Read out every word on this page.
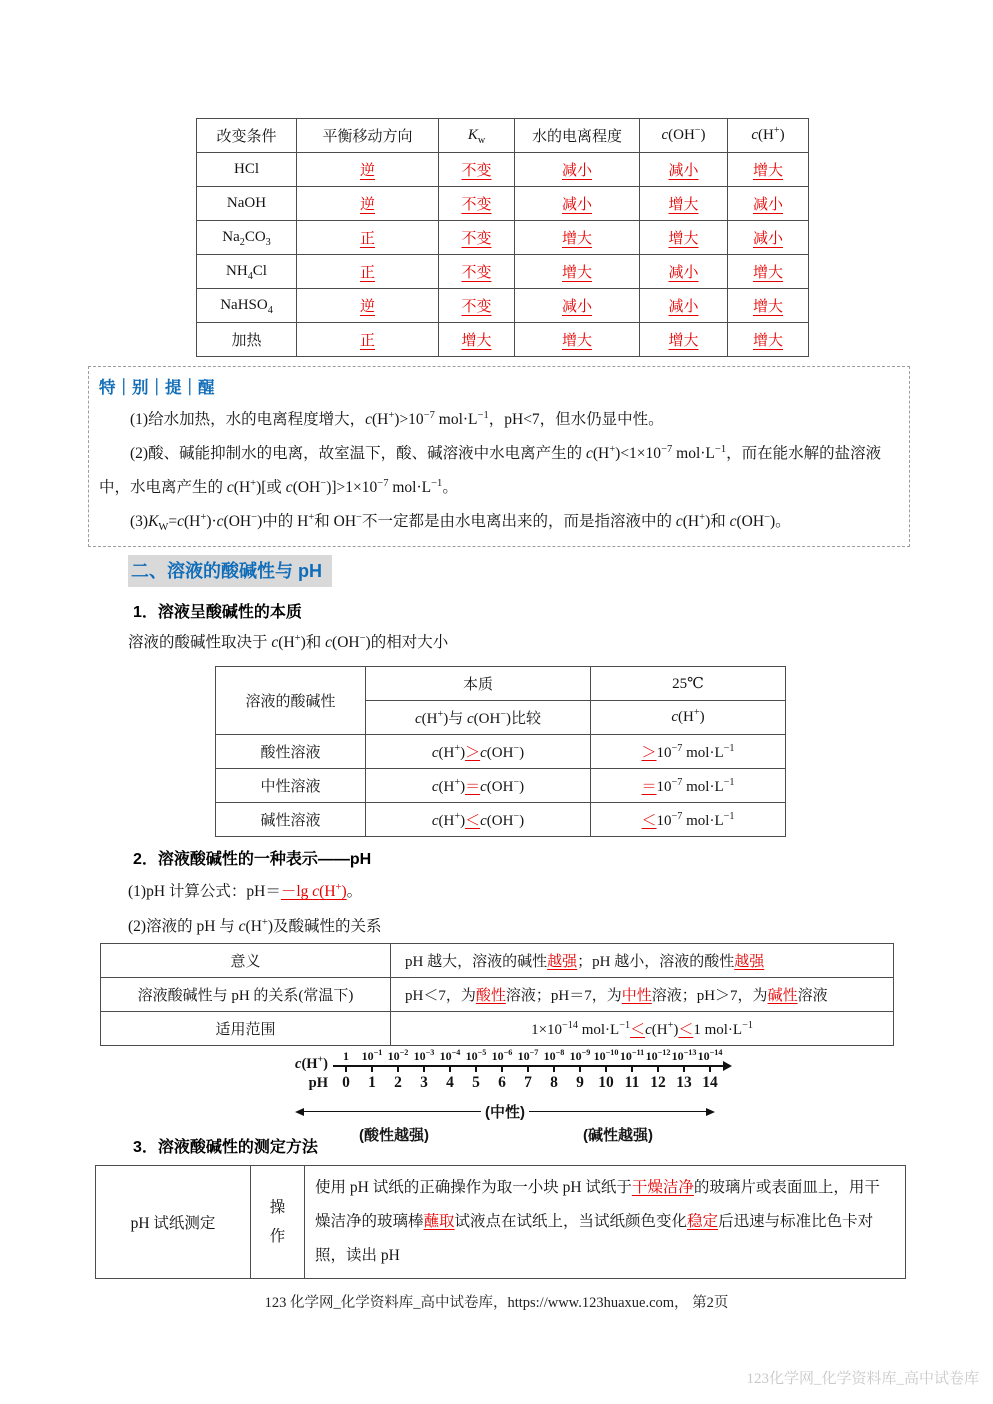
改变条件	平衡移动方向	$K_w$	水的电离程度	c(OH−)	c(H+)
HCl	逆	不变	减小	减小	增大
NaOH	逆	不变	减小	增大	减小
$Na_2CO_3$	正	不变	增大	增大	减小
$NH_4Cl$	正	不变	增大	减小	增大
NaHSO$_4$	逆	不变	减小	减小	增大
加热	正	增大	增大	增大	增大
特｜别｜提｜醒

(1)给水加热，水的电离程度增大，$c(H^+)>10^{-7}$ $mol\cdot L^{-1}$，pH<7，但水仍显中性。

(2)酸、碱能抑制水的电离，故室温下，酸、碱溶液中水电离产生的 $c(H^+)<1\times 10^{-7}$ $mol\cdot L^{-1}$，而在能水解的盐溶液中，水电离产生的 c(H+)[或 $c(OH^-)]>1\times 10^{-7}$ $mol\cdot L^{-1}$。

$(3)K_W=c(H^+)\cdot c(OH^-)$中的 H+和 OH−不一定都是由水电离出来的，而是指溶液中的 c(H+)和 c(OH−)。

二、溶液的酸碱性与 pH
1．溶液呈酸碱性的本质
溶液的酸碱性取决于 c(H+)和 c(OH−)的相对大小
溶液的酸碱性	本质	25℃
	c(H+)与 c(OH−)比较	c(H+)
酸性溶液	c(H+)＞c(OH−)	$>10^{-7}$ $mol\cdot L^{-1}$
中性溶液	c(H+)＝c(OH−)	$=10^{-7}$ $mol\cdot L^{-1}$
碱性溶液	c(H+)＜c(OH−)	$<10^{-7}$ $mol\cdot L^{-1}$
2．溶液酸碱性的一种表示——pH
(1)pH 计算公式：pH＝－lg c(H+)。
(2)溶液的 pH 与 c(H+)及酸碱性的关系
意义	pH 越大，溶液的碱性越强；pH 越小，溶液的酸性越强
溶液酸碱性与 pH 的关系(常温下)	pH＜7，为酸性溶液；pH＝7，为中性溶液；pH＞7，为碱性溶液
适用范围	$1\times 10^{-14}$ $mol\cdot L^{-1}<c(H^+)<1$ $mol\cdot L^{-1}$
c(H+)	1	$10^{-1}$ $10^{-2}$ $10^{-3}$ $10^{-4}$ $10^{-5}$ $10^{-6}$ $10^{-7}$ $10^{-8}$ $10^{-9}$ $10^{-10}$ $10^{-11}$ $10^{-12}$ $10^{-13}$ $10^{-14}$
pH 0	1	2	3	4	5	6	7	8	9 10 11 12 13 14
(中性)
(酸性越强)	(碱性越强)
3．溶液酸碱性的测定方法
pH 试纸测定	操作	使用 pH 试纸的正确操作为取一小块 pH 试纸于干燥洁净的玻璃片或表面皿上，用干燥洁净的玻璃棒蘸取试液点在试纸上，当试纸颜色变化稳定后迅速与标准比色卡对照，读出 pH
123 化学网_化学资料库_高中试卷库，https://www.123huaxue.com， 第2页
123化学网_化学资料库_高中试卷库
